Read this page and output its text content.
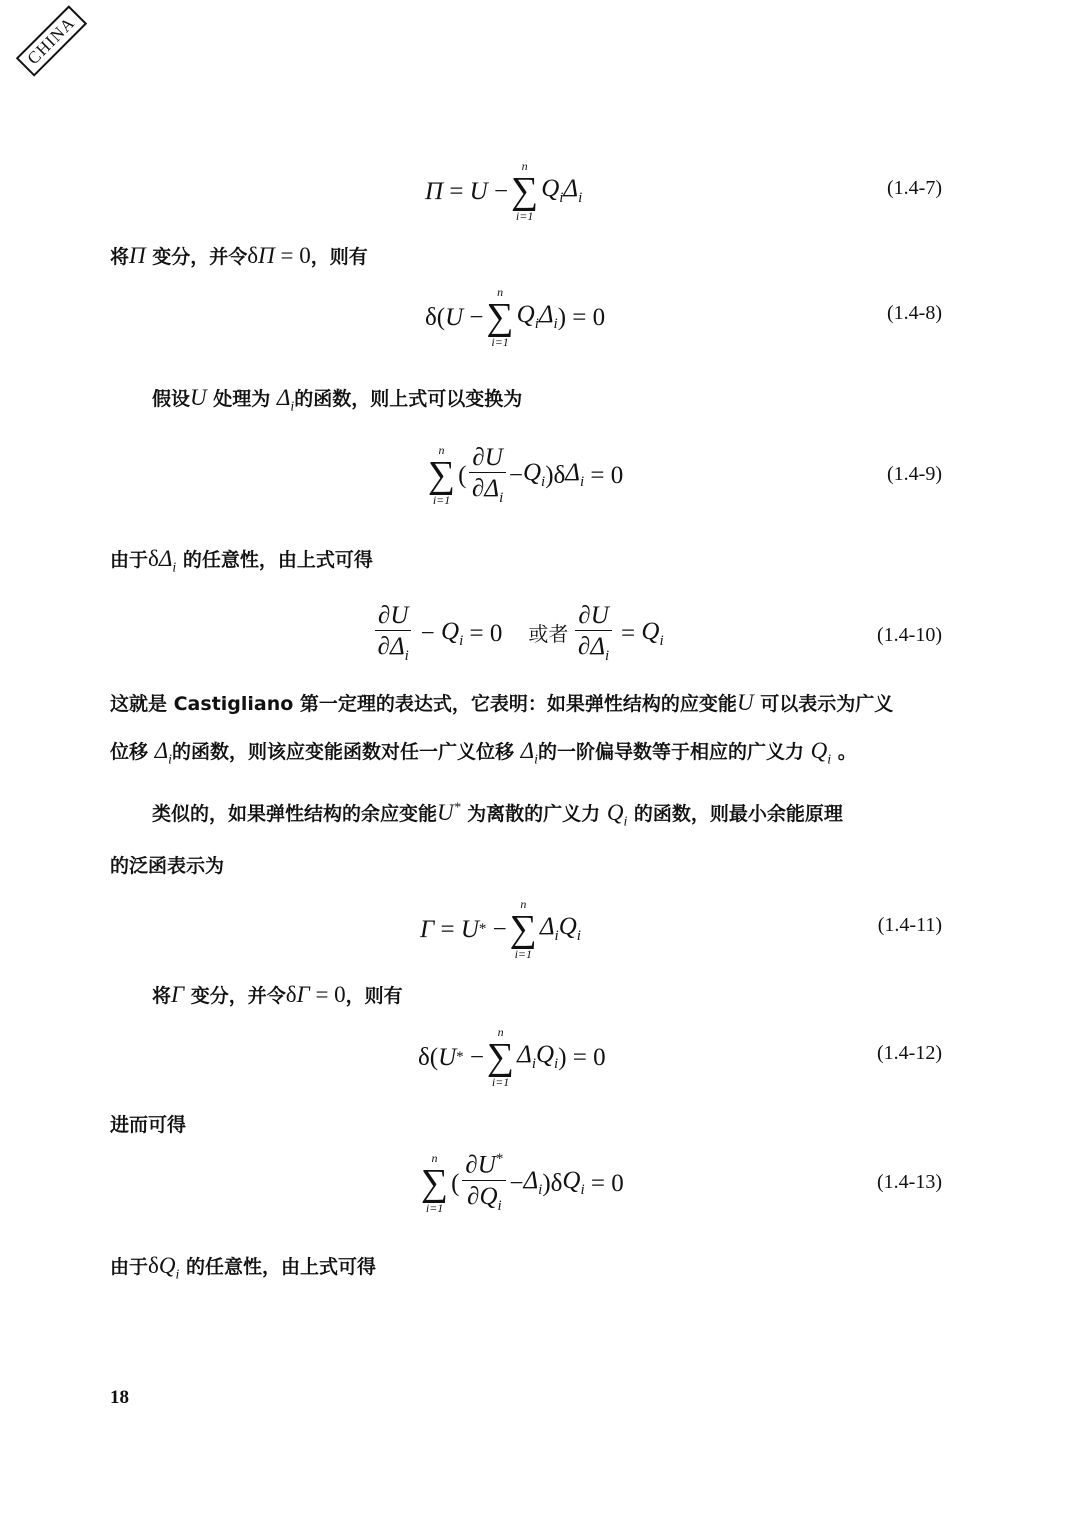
CHINA
Π = U −
n
∑
i=1
$Q_i\Delta_i$	(1.4-7)
将Π 变分，并令δΠ = 0，则有
δ( U −
n
∑
i=1
$Q_i\Delta_i$ ) = 0	(1.4-8)
假设U 处理为 $\Delta_i$的函数，则上式可以变换为
n
∑
i=1
( $\frac{\partial U}{\partial\Delta_i} - Q_i$ )δ $\Delta_i = 0$	(1.4-9)
由于$\delta\Delta_i$ 的任意性，由上式可得
$\frac{\partial U}{\partial\Delta_i} - Q_i = 0$ 或者 $\frac{\partial U}{\partial\Delta_i} = Q_i$	(1.4-10)
这就是 Castigliano 第一定理的表达式，它表明：如果弹性结构的应变能U 可以表示为广义
位移 $\Delta_i$的函数，则该应变能函数对任一广义位移 $\Delta_i$的一阶偏导数等于相应的广义力 $Q_i$ 。
类似的，如果弹性结构的余应变能U* 为离散的广义力 $Q_i$ 的函数，则最小余能原理
的泛函表示为
Γ = U * −
n
∑
i=1
$\Delta_iQ_i$	(1.4-11)
将Γ 变分，并令δΓ = 0，则有
δ( U * −
n
∑
i=1
$\Delta_iQ_i$ ) = 0	(1.4-12)
进而可得
n
∑
i=1
( $\frac{\partial U^*}{\partial Q_i} - \Delta_i$ )δ $Q_i = 0$	(1.4-13)
由于$\delta Q_i$ 的任意性，由上式可得
18
